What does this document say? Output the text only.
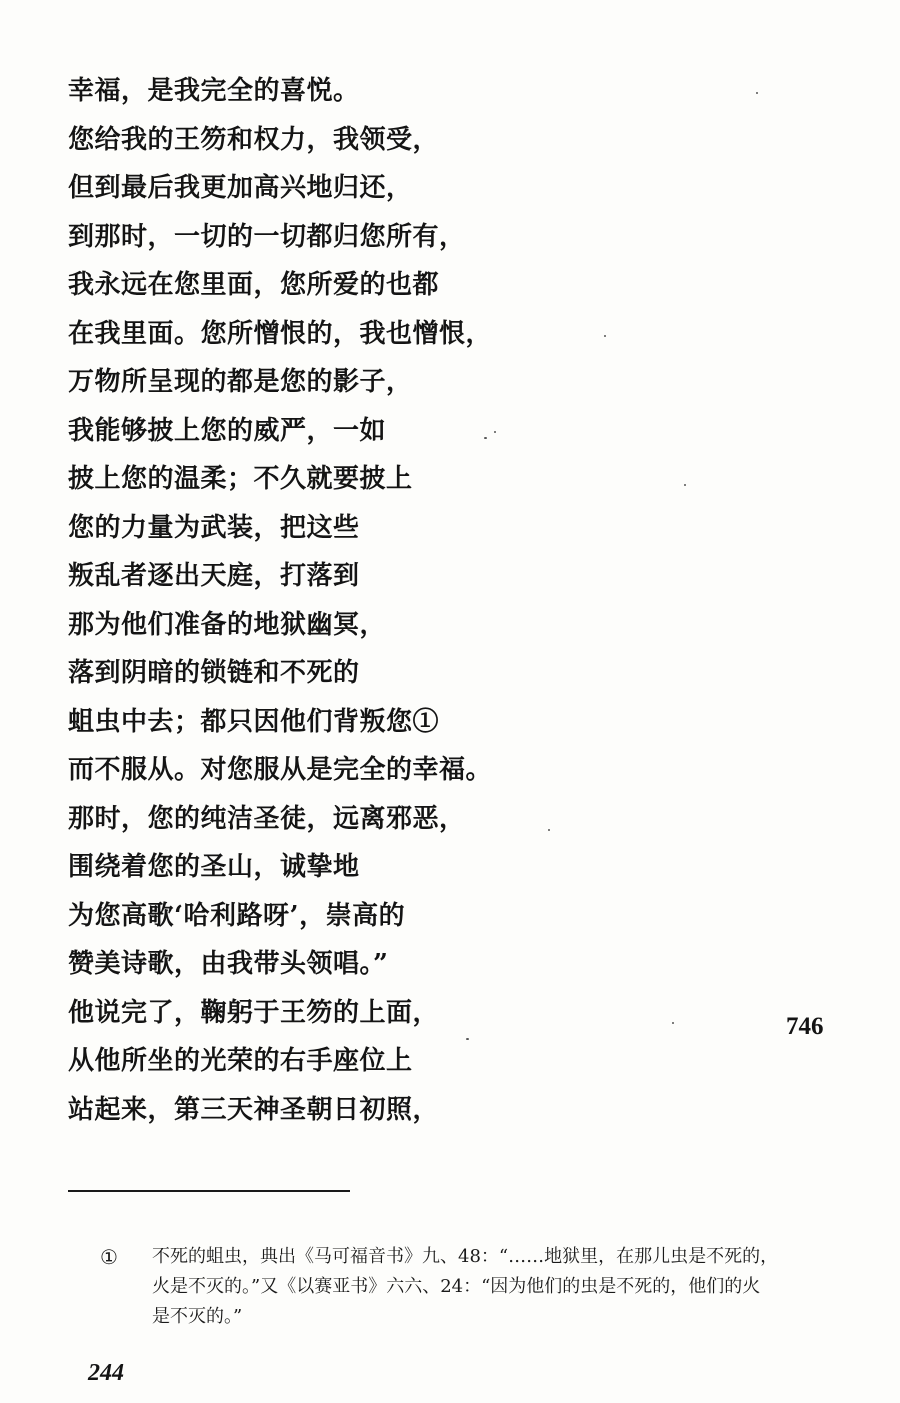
幸福，是我完全的喜悦。
您给我的王笏和权力，我领受，
但到最后我更加高兴地归还，
到那时，一切的一切都归您所有，
我永远在您里面，您所爱的也都
在我里面。您所憎恨的，我也憎恨，
万物所呈现的都是您的影子，
我能够披上您的威严，一如
披上您的温柔；不久就要披上
您的力量为武装，把这些
叛乱者逐出天庭，打落到
那为他们准备的地狱幽冥，
落到阴暗的锁链和不死的
蛆虫中去；都只因他们背叛您①
而不服从。对您服从是完全的幸福。
那时，您的纯洁圣徒，远离邪恶，
围绕着您的圣山，诚挚地
为您高歌‘哈利路呀’，崇高的
赞美诗歌，由我带头领唱。”
他说完了，鞠躬于王笏的上面，
从他所坐的光荣的右手座位上
站起来，第三天神圣朝日初照，
746
① 不死的蛆虫，典出《马可福音书》九、48：“……地狱里，在那儿虫是不死的，
火是不灭的。”又《以赛亚书》六六、24：“因为他们的虫是不死的，他们的火
是不灭的。”
244
